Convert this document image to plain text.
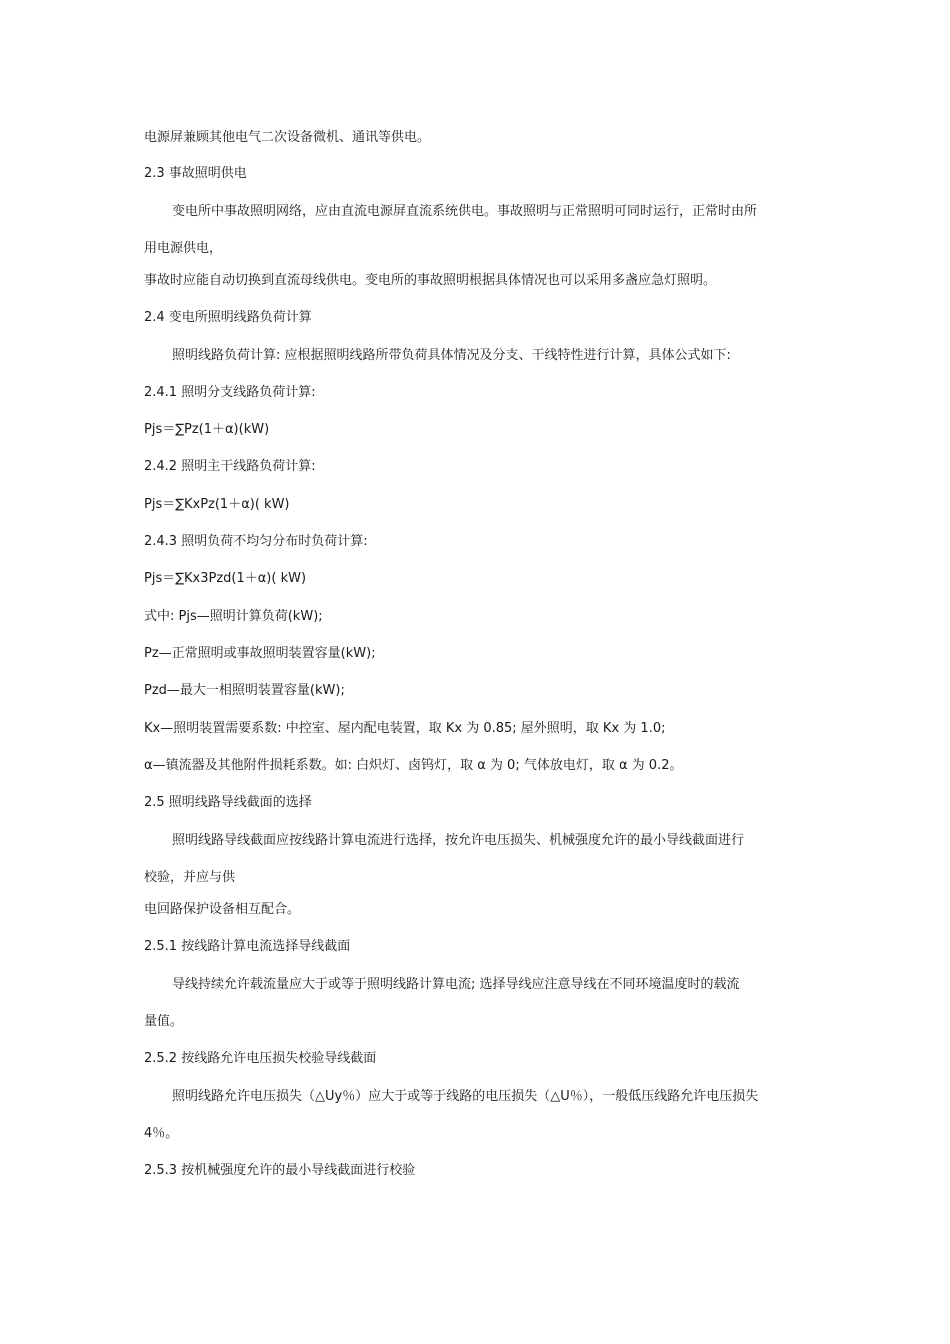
电源屏兼顾其他电气二次设备微机、通讯等供电。
2.3 事故照明供电
变电所中事故照明网络，应由直流电源屏直流系统供电。事故照明与正常照明可同时运行，正常时由所
用电源供电，
事故时应能自动切换到直流母线供电。变电所的事故照明根据具体情况也可以采用多盏应急灯照明。
2.4 变电所照明线路负荷计算
照明线路负荷计算: 应根据照明线路所带负荷具体情况及分支、干线特性进行计算，具体公式如下:
2.4.1 照明分支线路负荷计算:
Pjs＝∑Pz(1＋α)(kW)
2.4.2 照明主干线路负荷计算:
Pjs＝∑KxPz(1＋α)( kW)
2.4.3 照明负荷不均匀分布时负荷计算:
Pjs＝∑Kx3Pzd(1＋α)( kW)
式中: Pjs—照明计算负荷(kW);
Pz—正常照明或事故照明装置容量(kW);
Pzd—最大一相照明装置容量(kW);
Kx—照明装置需要系数: 中控室、屋内配电装置，取 Kx 为 0.85; 屋外照明，取 Kx 为 1.0;
α—镇流器及其他附件损耗系数。如: 白炽灯、卤钨灯，取 α 为 0; 气体放电灯，取 α 为 0.2。
2.5 照明线路导线截面的选择
照明线路导线截面应按线路计算电流进行选择，按允许电压损失、机械强度允许的最小导线截面进行
校验，并应与供
电回路保护设备相互配合。
2.5.1 按线路计算电流选择导线截面
导线持续允许载流量应大于或等于照明线路计算电流; 选择导线应注意导线在不同环境温度时的载流
量值。
2.5.2 按线路允许电压损失校验导线截面
照明线路允许电压损失（△Uy％）应大于或等于线路的电压损失（△U％），一般低压线路允许电压损失
4％。
2.5.3 按机械强度允许的最小导线截面进行校验
